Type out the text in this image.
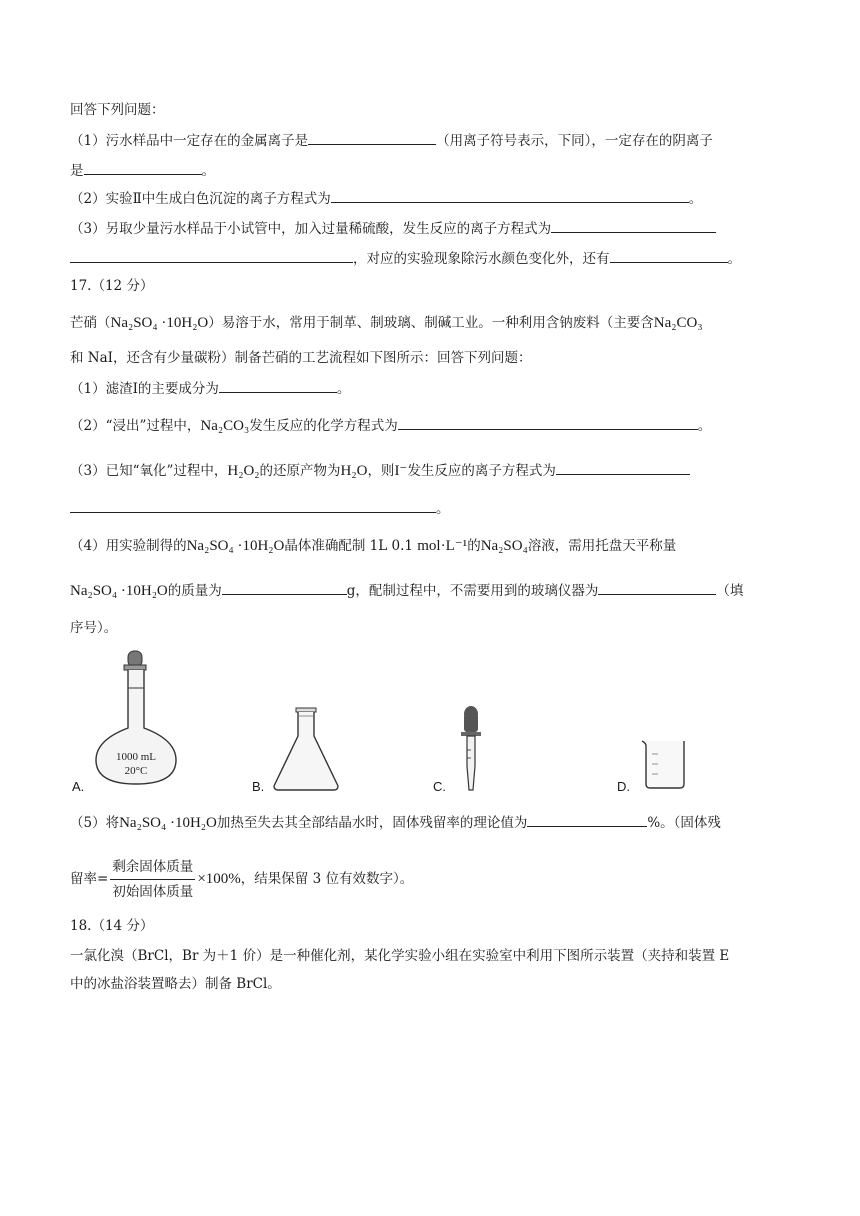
回答下列问题：
（1）污水样品中一定存在的金属离子是	（用离子符号表示，下同），一定存在的阴离子
是	。
（2）实验Ⅱ中生成白色沉淀的离子方程式为	。
（3）另取少量污水样品于小试管中，加入过量稀硫酸，发生反应的离子方程式为
，对应的实验现象除污水颜色变化外，还有	。
17.（12 分）
芒硝（Na₂SO₄ ·10H₂O）易溶于水，常用于制革、制玻璃、制碱工业。一种利用含钠废料（主要含Na₂CO₃
和 NaI，还含有少量碳粉）制备芒硝的工艺流程如下图所示：回答下列问题：
（1）滤渣Ⅰ的主要成分为	。
（2）“浸出”过程中，Na₂CO₃发生反应的化学方程式为	。
（3）已知“氧化”过程中，H₂O₂的还原产物为H₂O，则I⁻发生反应的离子方程式为
。
（4）用实验制得的Na₂SO₄ ·10H₂O晶体准确配制 1L 0.1 mol·L⁻¹的Na₂SO₄溶液，需用托盘天平称量
Na₂SO₄ ·10H₂O的质量为	g，配制过程中，不需要用到的玻璃仪器为	（填
序号）。
1000 mL
20°C
A.	B.	C.	D.
（5）将Na₂SO₄ ·10H₂O加热至失去其全部结晶水时，固体残留率的理论值为	%。（固体残
留率= $\frac{\text{剩余固体质量}}{\text{初始固体质量}} \times 100\%$，结果保留 3 位有效数字）。
18.（14 分）
一氯化溴（BrCl，Br 为＋1 价）是一种催化剂，某化学实验小组在实验室中利用下图所示装置（夹持和装置 E
中的冰盐浴装置略去）制备 BrCl。
